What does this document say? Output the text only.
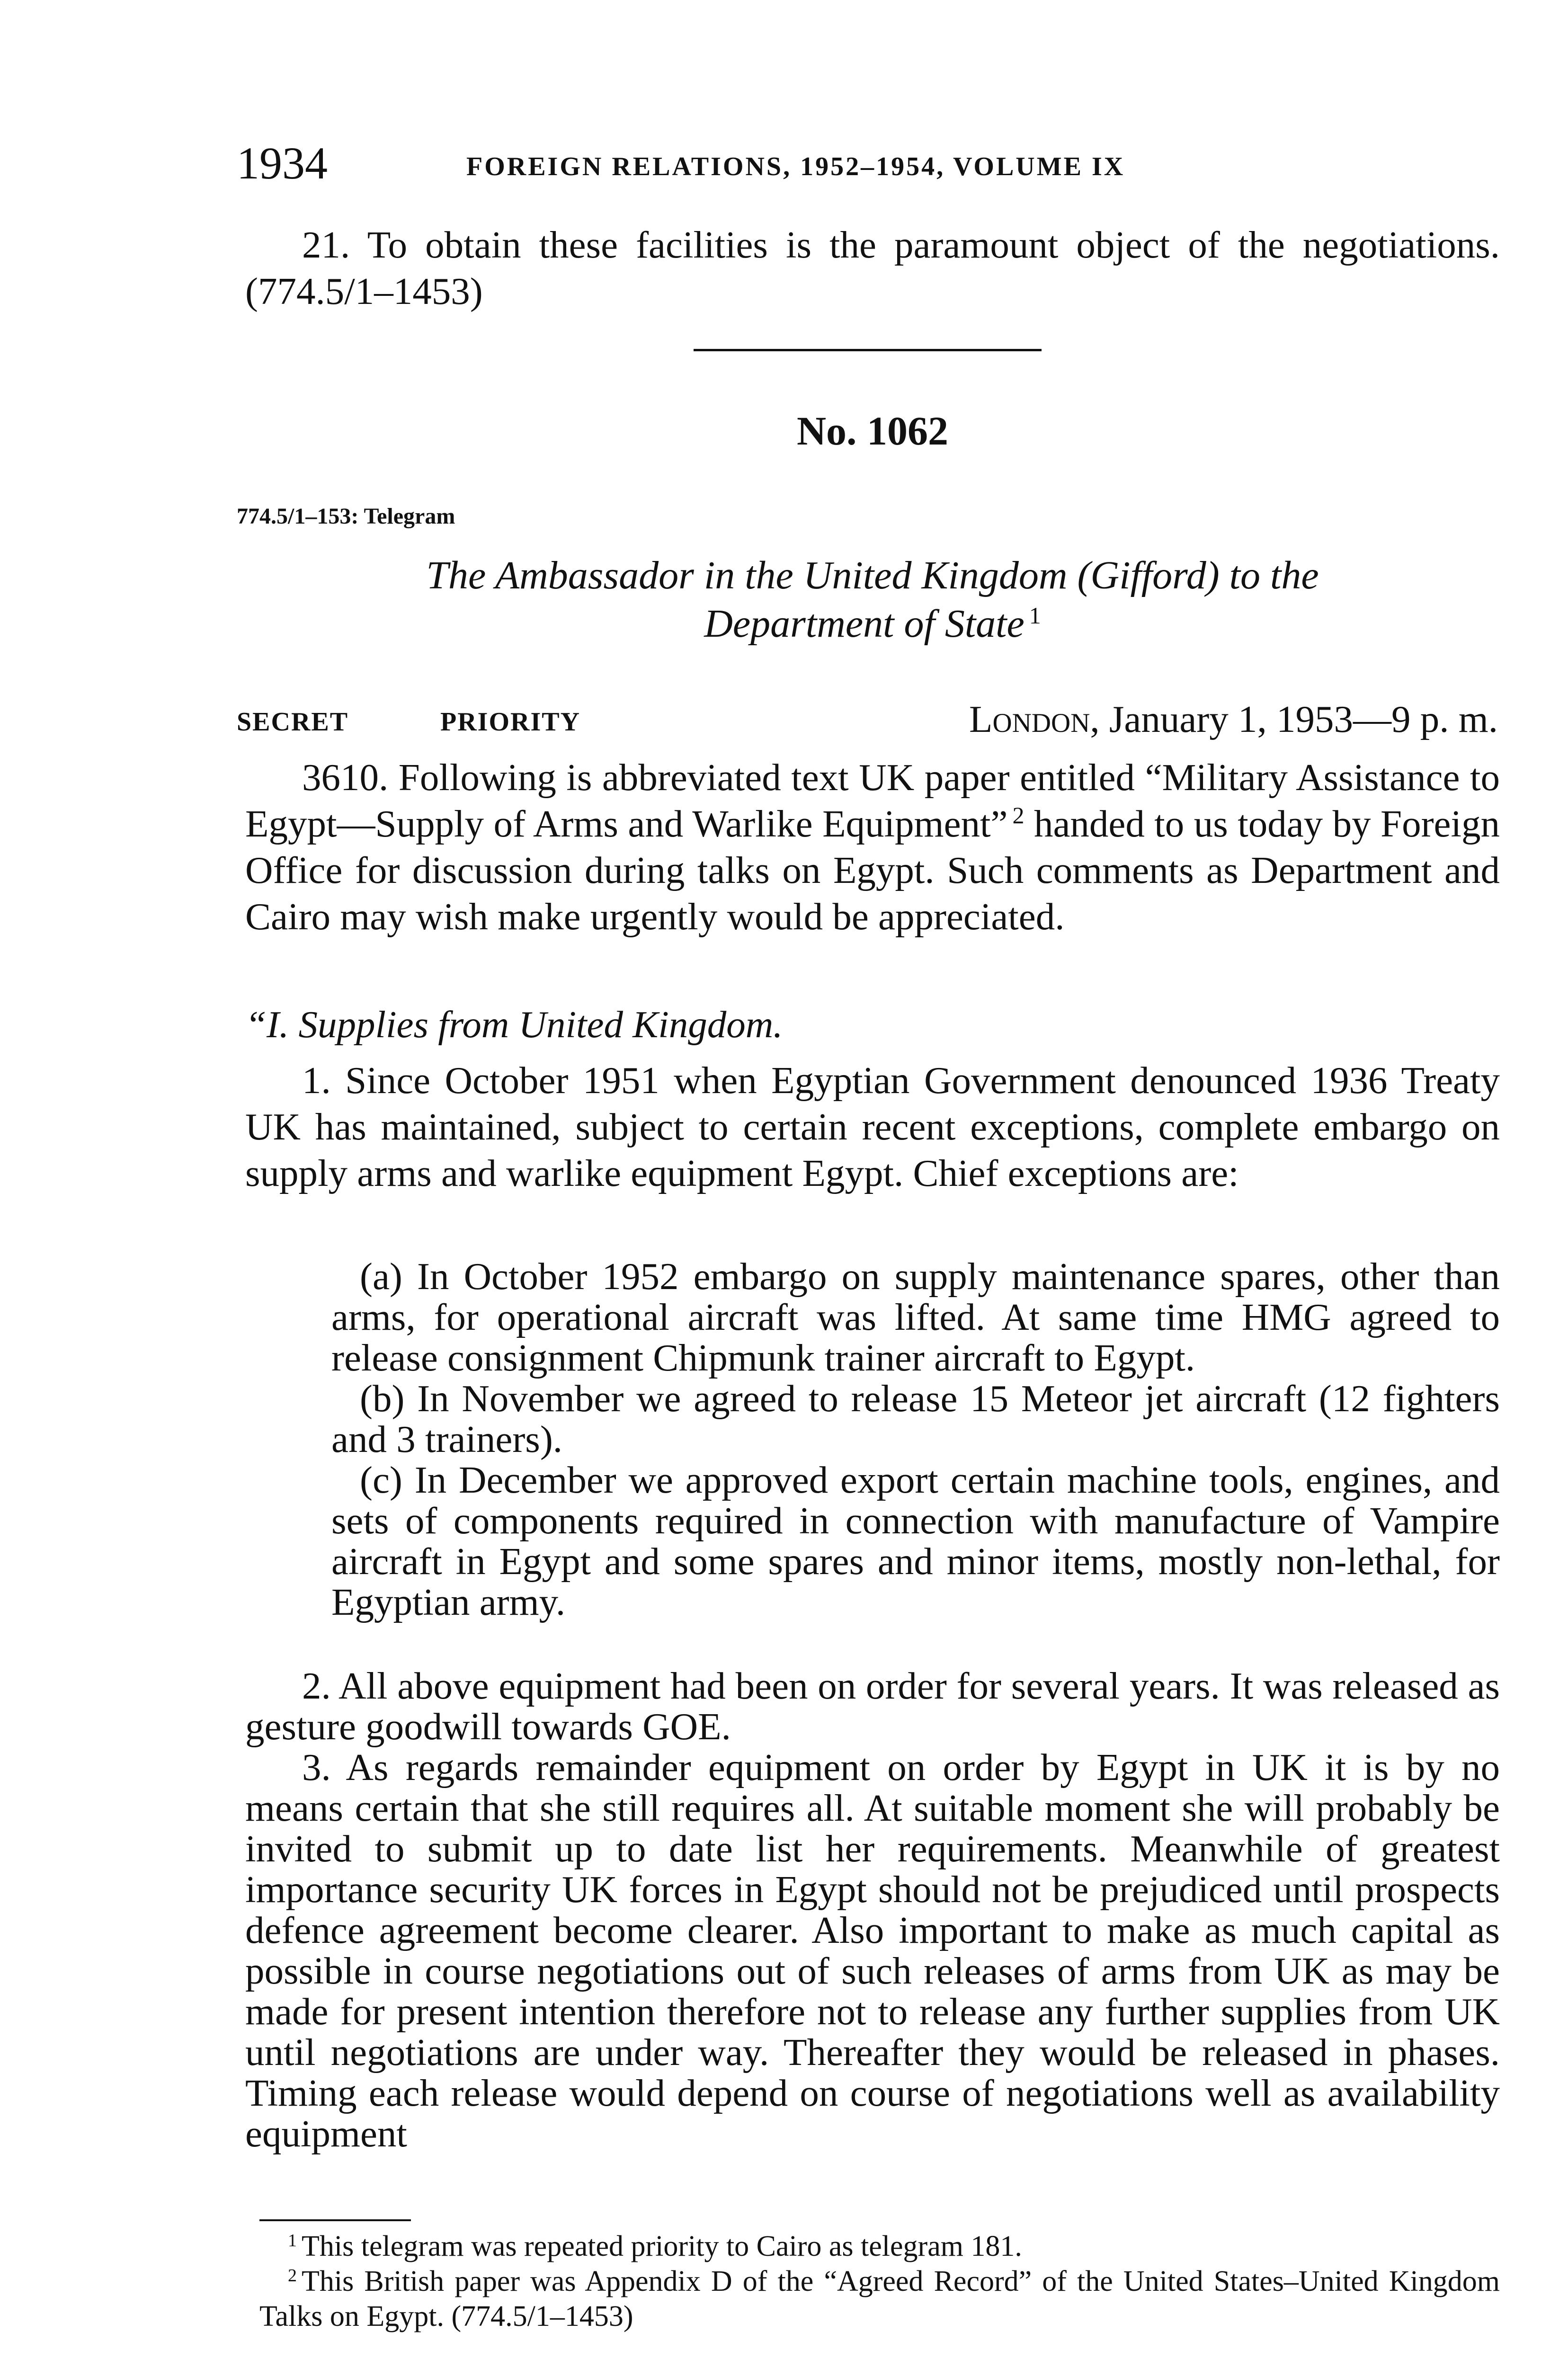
1934	FOREIGN RELATIONS, 1952–1954, VOLUME IX

21. To obtain these facilities is the paramount object of the negotiations. (774.5/1–1453)

No. 1062
774.5/1–153: Telegram
The Ambassador in the United Kingdom (Gifford) to the
Department of State $^1$
SECRET	PRIORITY	London, January 1, 1953—9 p. m.

3610. Following is abbreviated text UK paper entitled “Military Assistance to Egypt—Supply of Arms and Warlike Equipment” $^2$ handed to us today by Foreign Office for discussion during talks on Egypt. Such comments as Department and Cairo may wish make urgently would be appreciated.

“I. Supplies from United Kingdom.

1. Since October 1951 when Egyptian Government denounced 1936 Treaty UK has maintained, subject to certain recent exceptions, complete embargo on supply arms and warlike equipment Egypt. Chief exceptions are:

(a) In October 1952 embargo on supply maintenance spares, other than arms, for operational aircraft was lifted. At same time HMG agreed to release consignment Chipmunk trainer aircraft to Egypt.

(b) In November we agreed to release 15 Meteor jet aircraft (12 fighters and 3 trainers).

(c) In December we approved export certain machine tools, engines, and sets of components required in connection with manufacture of Vampire aircraft in Egypt and some spares and minor items, mostly non-lethal, for Egyptian army.

2. All above equipment had been on order for several years. It was released as gesture goodwill towards GOE.

3. As regards remainder equipment on order by Egypt in UK it is by no means certain that she still requires all. At suitable moment she will probably be invited to submit up to date list her requirements. Meanwhile of greatest importance security UK forces in Egypt should not be prejudiced until prospects defence agreement become clearer. Also important to make as much capital as possible in course negotiations out of such releases of arms from UK as may be made for present intention therefore not to release any further supplies from UK until negotiations are under way. Thereafter they would be released in phases. Timing each release would depend on course of negotiations well as availability equipment

$^1$ This telegram was repeated priority to Cairo as telegram 181.

$^2$ This British paper was Appendix D of the “Agreed Record” of the United States–United Kingdom Talks on Egypt. (774.5/1–1453)
